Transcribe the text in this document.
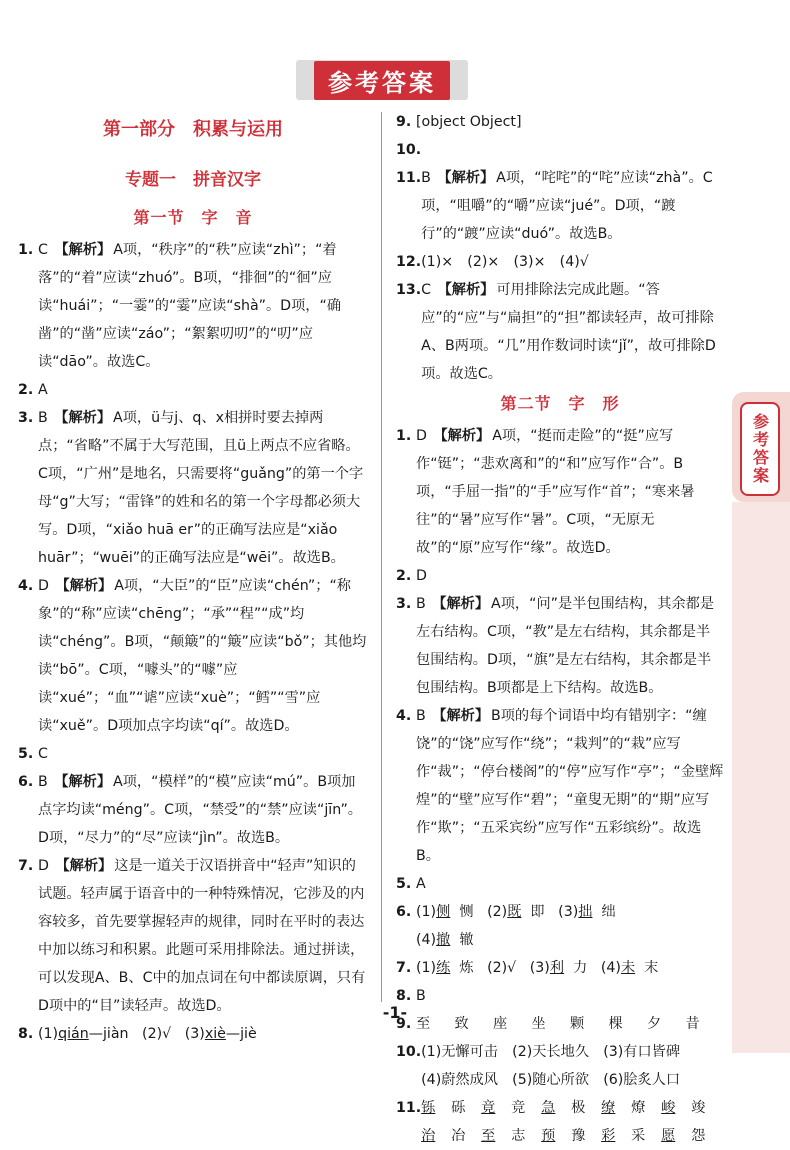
参考答案
第一部分　积累与运用
专题一　拼音汉字
第一节　字　音
1. C 【解析】 A项，“秩序”的“秩”应读“zhì”；“着落”的“着”应读“zhuó”。B项，“排徊”的“徊”应读“huái”；“一霎”的“霎”应读“shà”。D项，“确凿”的“凿”应读“záo”；“絮絮叨叨”的“叨”应读“dāo”。故选C。
2. A
3. B 【解析】 A项，ü与j、q、x相拼时要去掉两点；“省略”不属于大写范围，且ü上两点不应省略。C项，“广州”是地名，只需要将“guǎng”的第一个字母“g”大写；“雷锋”的姓和名的第一个字母都必须大写。D项，“xiǎo huā er”的正确写法应是“xiǎo huār”；“wuēi”的正确写法应是“wēi”。故选B。
4. D 【解析】 A项，“大臣”的“臣”应读“chén”；“称象”的“称”应读“chēng”；“承”“程”“成”均读“chéng”。B项，“颠簸”的“簸”应读“bǒ”；其他均读“bō”。C项，“噱头”的“噱”应读“xué”；“血”“谑”应读“xuè”；“鳕”“雪”应读“xuě”。D项加点字均读“qí”。故选D。
5. C
6. B 【解析】 A项，“模样”的“模”应读“mú”。B项加点字均读“méng”。C项，“禁受”的“禁”应读“jīn”。D项，“尽力”的“尽”应读“jìn”。故选B。
7. D 【解析】 这是一道关于汉语拼音中“轻声”知识的试题。轻声属于语音中的一种特殊情况，它涉及的内容较多，首先要掌握轻声的规律，同时在平时的表达中加以练习和积累。此题可采用排除法。通过拼读，可以发现A、B、C中的加点词在句中都读原调，只有D项中的“目”读轻声。故选D。
8. (1)qián—jiàn (2)√ (3)xiè—jiè
9. [object Object]
10.
11. B 【解析】 A项，“咤咤”的“咤”应读“zhà”。C项，“咀嚼”的“嚼”应读“jué”。D项，“踱行”的“踱”应读“duó”。故选B。
12. (1)×　(2)×　(3)×　(4)√
13. C 【解析】 可用排除法完成此题。“答应”的“应”与“扁担”的“担”都读轻声，故可排除A、B两项。“几”用作数词时读“jǐ”，故可排除D项。故选C。
第二节　字　形
1. D 【解析】 A项，“挺而走险”的“挺”应写作“铤”；“悲欢离和”的“和”应写作“合”。B项，“手屈一指”的“手”应写作“首”；“寒来暑往”的“暑”应写作“暑”。C项，“无原无故”的“原”应写作“缘”。故选D。
2. D
3. B 【解析】 A项，“问”是半包围结构，其余都是左右结构。C项，“教”是左右结构，其余都是半包围结构。D项，“旗”是左右结构，其余都是半包围结构。B项都是上下结构。故选B。
4. B 【解析】 B项的每个词语中均有错别字：“缠饶”的“饶”应写作“绕”；“栽判”的“栽”应写作“裁”；“停台楼阁”的“停”应写作“亭”；“金壁辉煌”的“壁”应写作“碧”；“童叟无期”的“期”应写作“欺”；“五采宾纷”应写作“五彩缤纷”。故选B。
5. A
6. (1)侧 恻 (2)既 即 (3)拙 绌
(4)撤 辙
7. (1)练 炼 (2)√ (3)利 力 (4)未 末
8. B
9. 至	致	座	坐	颗	棵	夕	昔
10. (1)无懈可击　(2)天长地久　(3)有口皆碑
(4)蔚然成风　(5)随心所欲　(6)脍炙人口
11. 铄	砾	竟	竞	急	极	缭	燎	峻	竣
治	冶	至	志	预	豫	彩	采	愿	怨
参考答案
-1-
